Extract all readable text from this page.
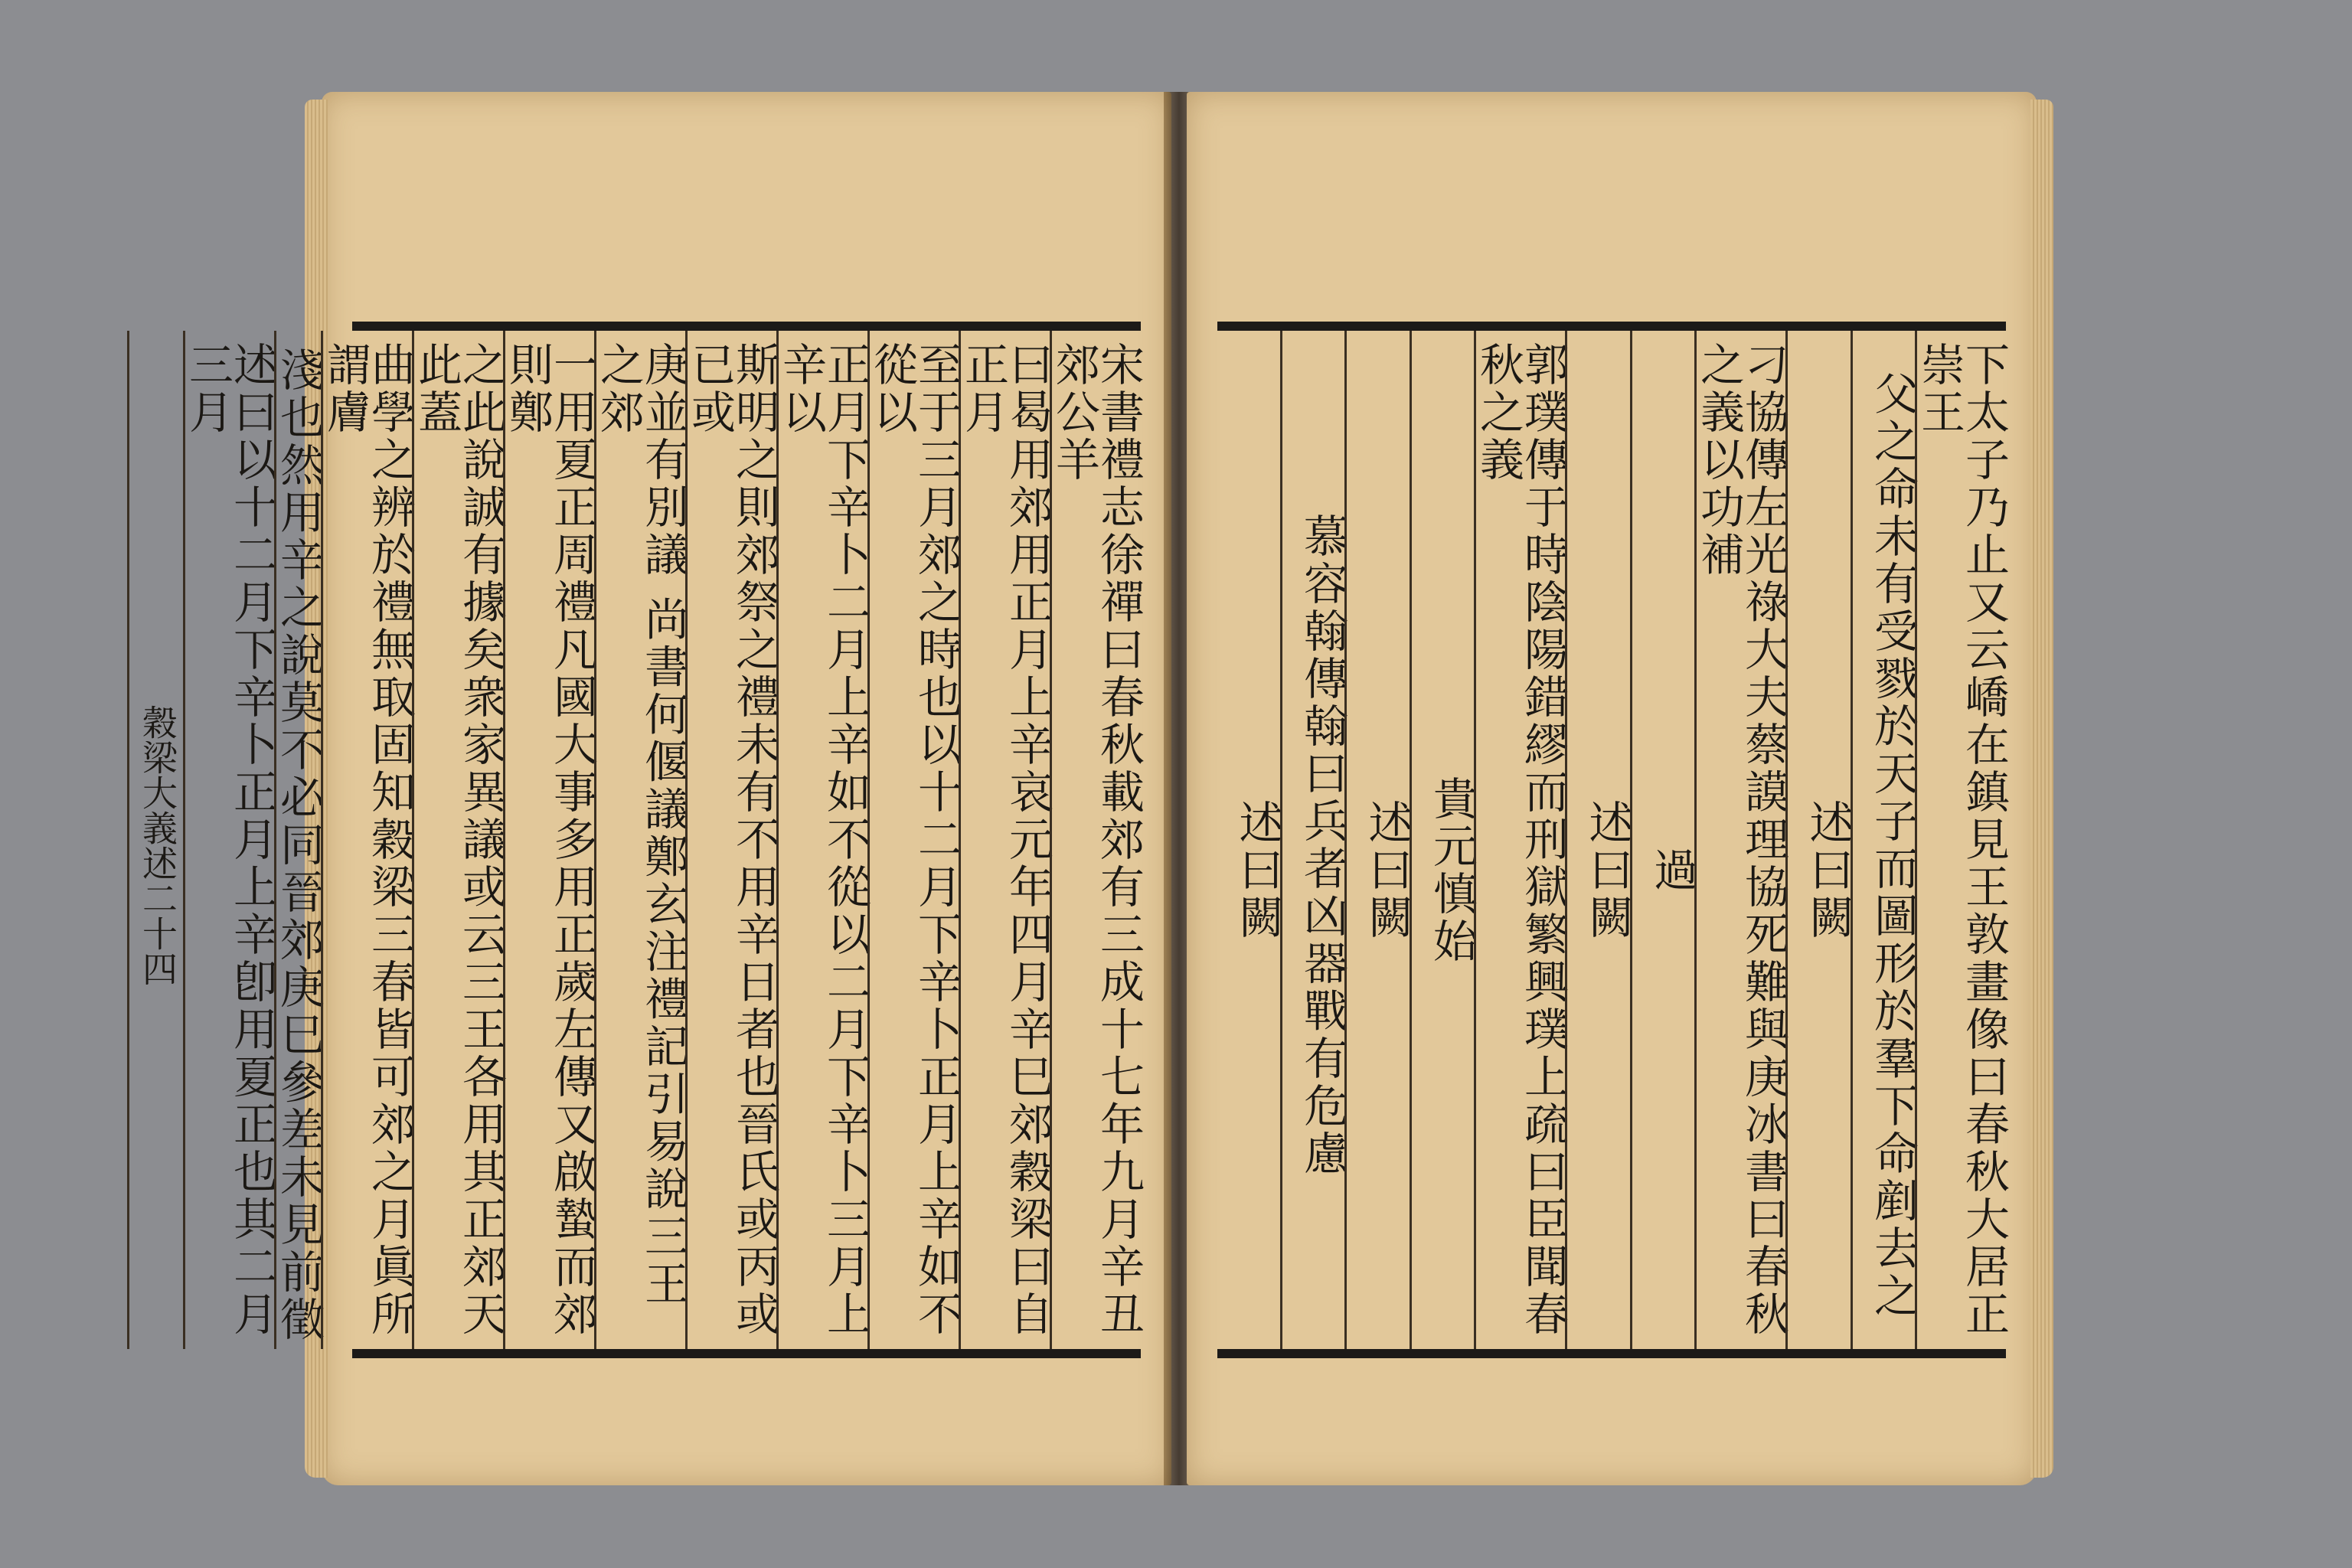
宋書禮志徐禪曰春秋載郊有三成十七年九月辛丑郊公羊
曰曷用郊用正月上辛哀元年四月辛巳郊穀梁曰自正月
至于三月郊之時也以十二月下辛卜正月上辛如不從以
正月下辛卜二月上辛如不從以二月下辛卜三月上辛以
斯明之則郊祭之禮未有不用辛日者也晉氏或丙或已或
庚並有別議 尚書何偃議鄭玄注禮記引易說三王之郊
一用夏正周禮凡國大事多用正歲左傳又啟蟄而郊則鄭
之此說誠有據矣衆家異議或云三王各用其正郊天此蓋
曲學之辨於禮無取固知穀梁三春皆可郊之月眞所謂膚
淺也然用辛之說莫不必同晉郊庚巳參差未見前徵
述曰以十二月下辛卜正月上辛卽用夏正也其二月三月
穀梁大義述二十四	下太子乃止又云嶠在鎮見王敦畫像曰春秋大居正崇王
父之命未有受戮於天子而圖形於羣下命剷去之
述曰闕
刁協傳左光祿大夫蔡謨理協死難與庚冰書曰春秋之義以功補
過
述曰闕
郭璞傳于時陰陽錯繆而刑獄繁興璞上疏曰臣聞春秋之義
貴元慎始
述曰闕
慕容翰傳翰曰兵者凶器戰有危慮
述曰闕
